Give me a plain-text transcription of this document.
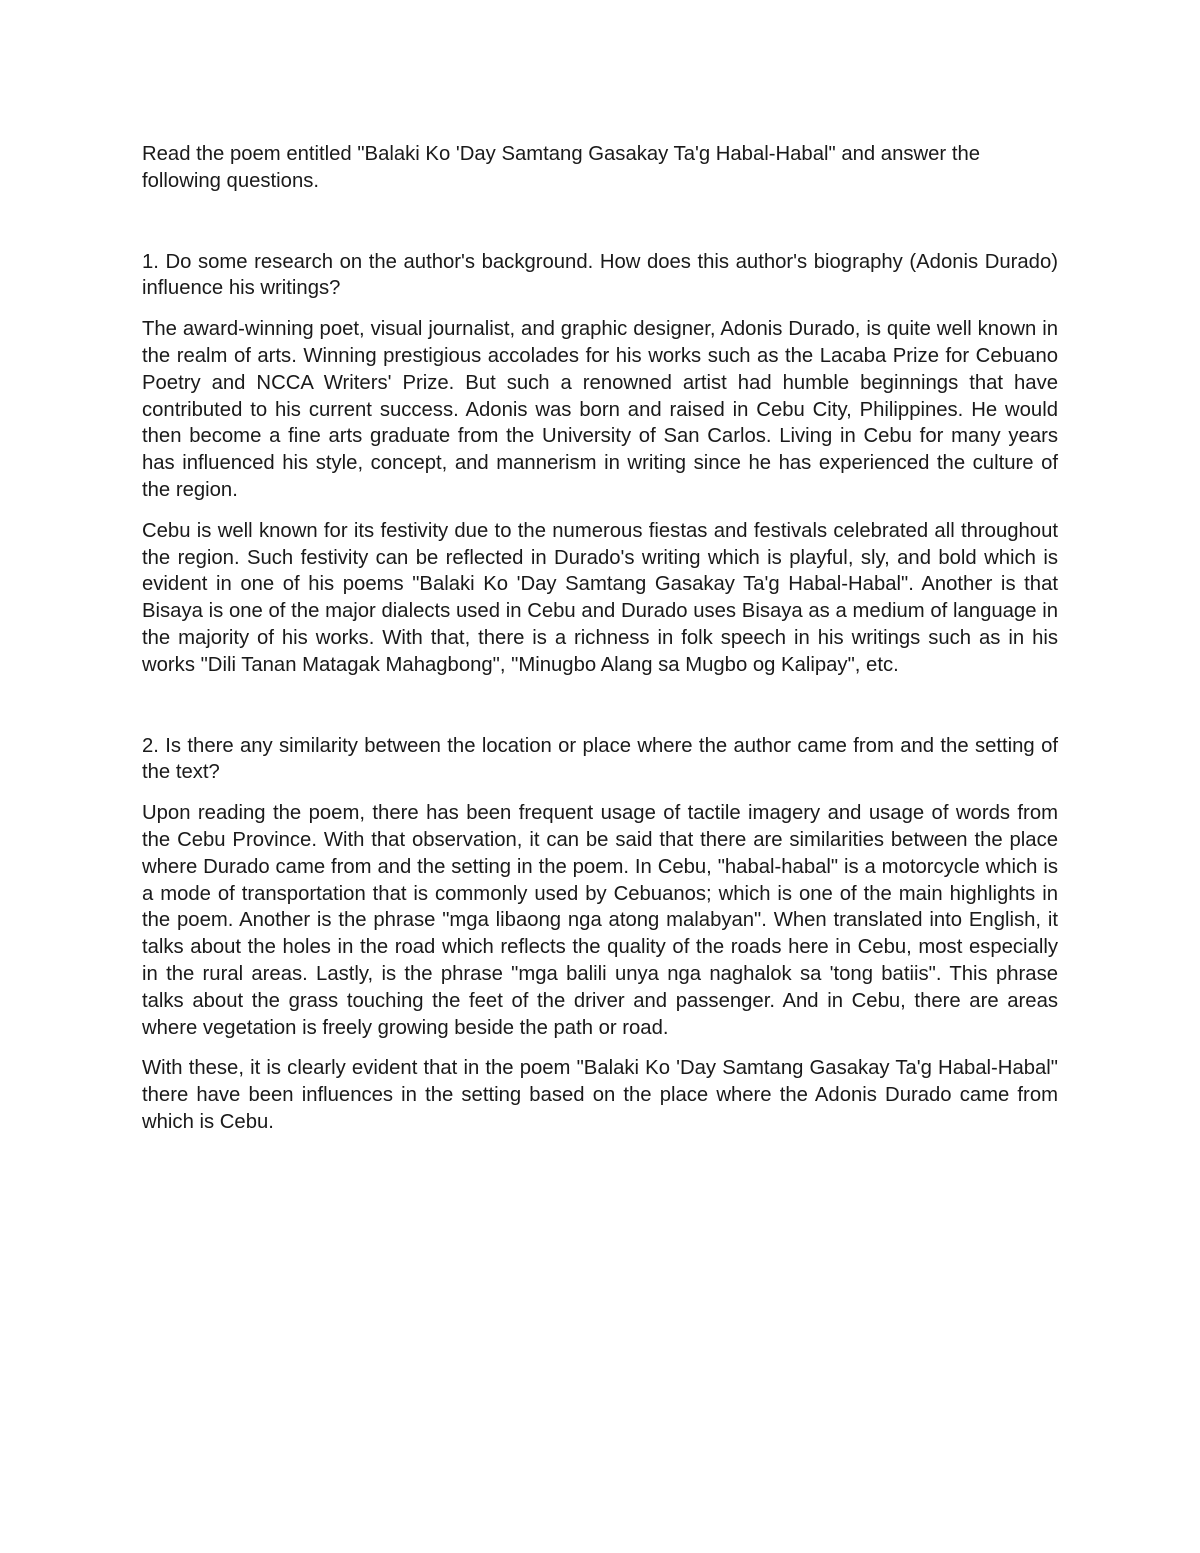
Read the poem entitled "Balaki Ko 'Day Samtang Gasakay Ta'g Habal-Habal" and answer the following questions.

1. Do some research on the author's background. How does this author's biography (Adonis Durado) influence his writings?

The award-winning poet, visual journalist, and graphic designer, Adonis Durado, is quite well known in the realm of arts. Winning prestigious accolades for his works such as the Lacaba Prize for Cebuano Poetry and NCCA Writers' Prize. But such a renowned artist had humble beginnings that have contributed to his current success. Adonis was born and raised in Cebu City, Philippines. He would then become a fine arts graduate from the University of San Carlos. Living in Cebu for many years has influenced his style, concept, and mannerism in writing since he has experienced the culture of the region.

Cebu is well known for its festivity due to the numerous fiestas and festivals celebrated all throughout the region. Such festivity can be reflected in Durado's writing which is playful, sly, and bold which is evident in one of his poems "Balaki Ko 'Day Samtang Gasakay Ta'g Habal-Habal". Another is that Bisaya is one of the major dialects used in Cebu and Durado uses Bisaya as a medium of language in the majority of his works. With that, there is a richness in folk speech in his writings such as in his works "Dili Tanan Matagak Mahagbong", "Minugbo Alang sa Mugbo og Kalipay", etc.

2. Is there any similarity between the location or place where the author came from and the setting of the text?

Upon reading the poem, there has been frequent usage of tactile imagery and usage of words from the Cebu Province. With that observation, it can be said that there are similarities between the place where Durado came from and the setting in the poem. In Cebu, "habal-habal" is a motorcycle which is a mode of transportation that is commonly used by Cebuanos; which is one of the main highlights in the poem. Another is the phrase "mga libaong nga atong malabyan". When translated into English, it talks about the holes in the road which reflects the quality of the roads here in Cebu, most especially in the rural areas. Lastly, is the phrase "mga balili unya nga naghalok sa 'tong batiis". This phrase talks about the grass touching the feet of the driver and passenger. And in Cebu, there are areas where vegetation is freely growing beside the path or road.

With these, it is clearly evident that in the poem "Balaki Ko 'Day Samtang Gasakay Ta'g Habal-Habal" there have been influences in the setting based on the place where the Adonis Durado came from which is Cebu.
